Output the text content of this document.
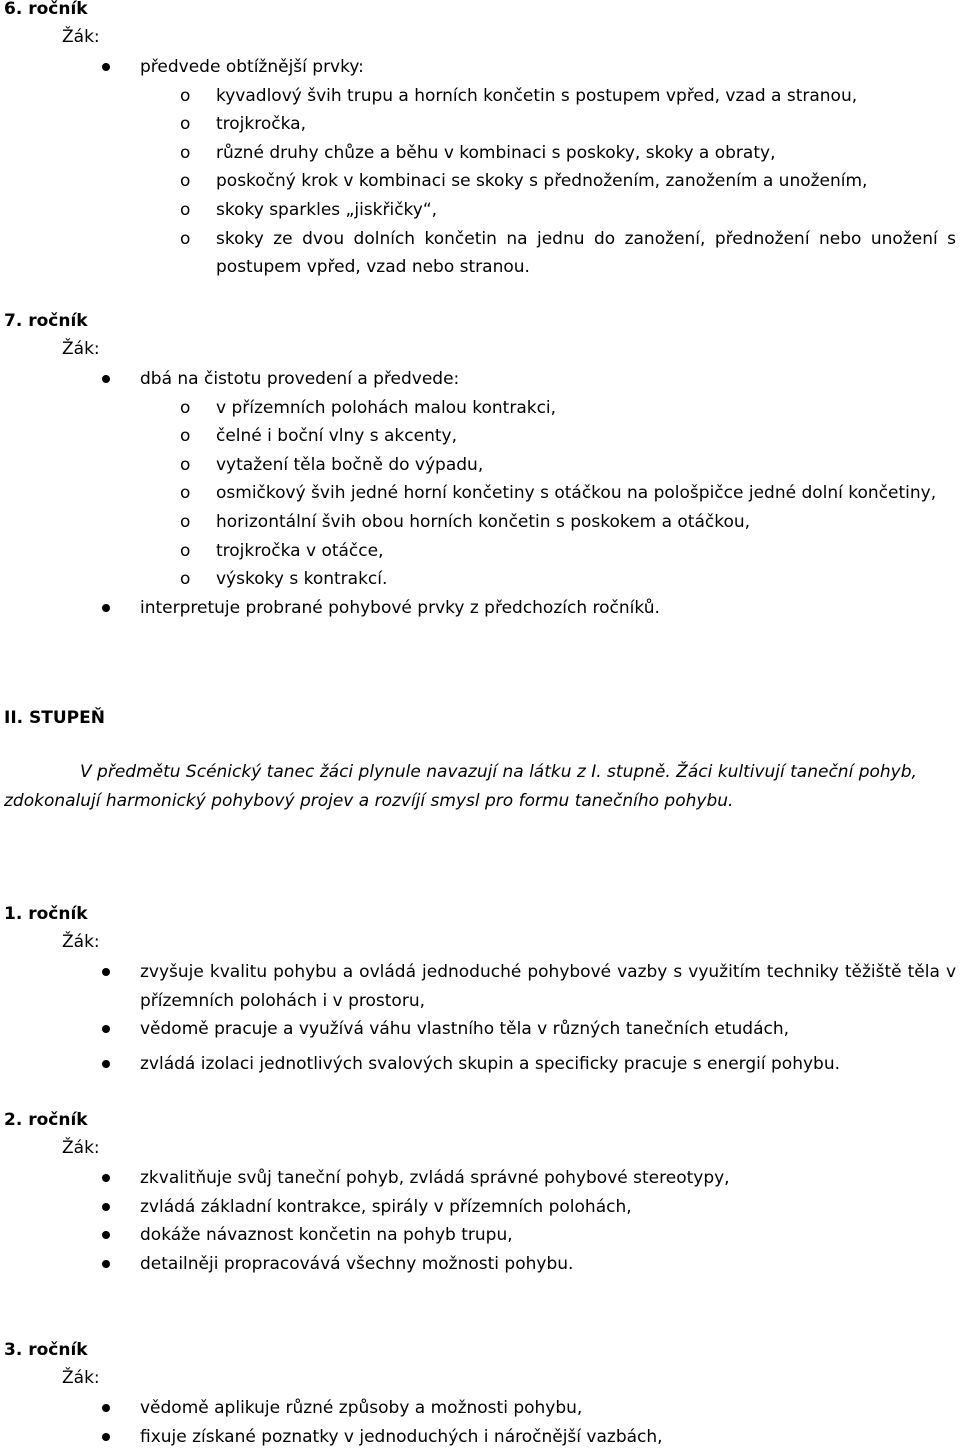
6. ročník
Žák:
předvede obtížnější prvky:
o kyvadlový švih trupu a horních končetin s postupem vpřed, vzad a stranou,
o trojkročka,
o různé druhy chůze a běhu v kombinaci s poskoky, skoky a obraty,
o poskočný krok v kombinaci se skoky s přednožením, zanožením a unožením,
o skoky sparkles „jiskřičky“,
o skoky ze dvou dolních končetin na jednu do zanožení, přednožení nebo unožení s postupem vpřed, vzad nebo stranou.
7. ročník
Žák:
dbá na čistotu provedení a předvede:
o v přízemních polohách malou kontrakci,
o čelné i boční vlny s akcenty,
o vytažení těla bočně do výpadu,
o osmičkový švih jedné horní končetiny s otáčkou na pološpičce jedné dolní končetiny,
o horizontální švih obou horních končetin s poskokem a otáčkou,
o trojkročka v otáčce,
o výskoky s kontrakcí.
interpretuje probrané pohybové prvky z předchozích ročníků.
II. STUPEŇ
V předmětu Scénický tanec žáci plynule navazují na látku z I. stupně. Žáci kultivují taneční pohyb, zdokonalují harmonický pohybový projev a rozvíjí smysl pro formu tanečního pohybu.
1. ročník
Žák:
zvyšuje kvalitu pohybu a ovládá jednoduché pohybové vazby s využitím techniky těžiště těla v přízemních polohách i v prostoru,
vědomě pracuje a využívá váhu vlastního těla v různých tanečních etudách,
zvládá izolaci jednotlivých svalových skupin a specificky pracuje s energií pohybu.
2. ročník
Žák:
zkvalitňuje svůj taneční pohyb, zvládá správné pohybové stereotypy,
zvládá základní kontrakce, spirály v přízemních polohách,
dokáže návaznost končetin na pohyb trupu,
detailněji propracovává všechny možnosti pohybu.
3. ročník
Žák:
vědomě aplikuje různé způsoby a možnosti pohybu,
fixuje získané poznatky v jednoduchých i náročnější vazbách,
